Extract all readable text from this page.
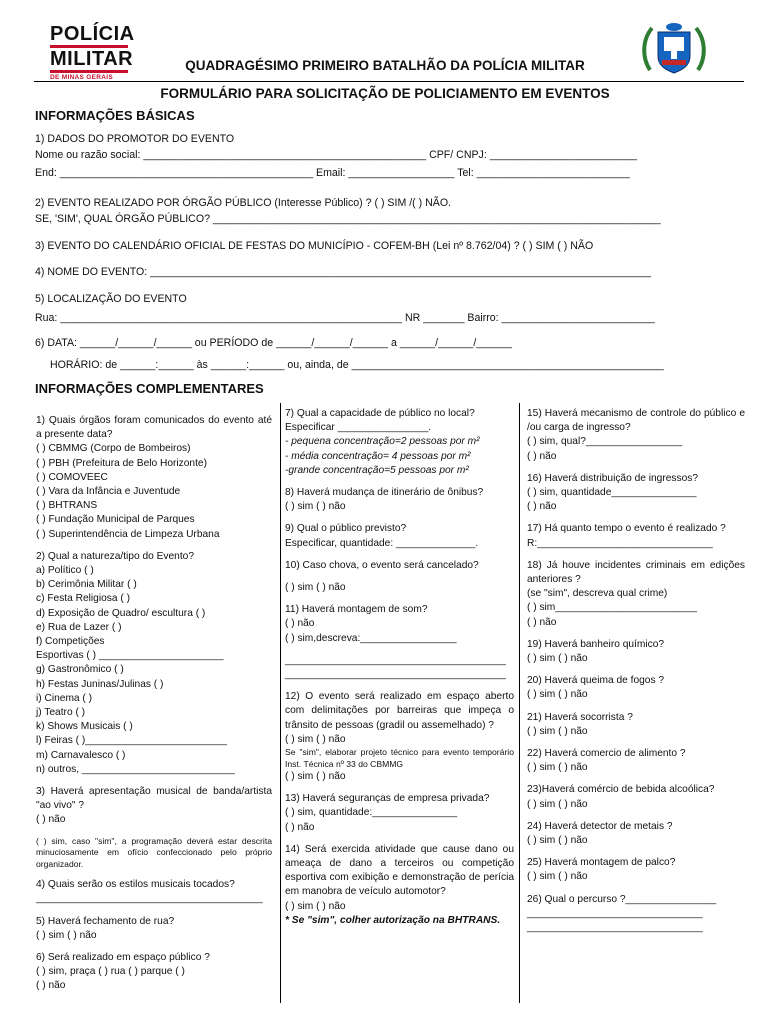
POLÍCIA
MILITAR
DE MINAS GERAIS
QUADRAGÉSIMO PRIMEIRO BATALHÃO DA POLÍCIA MILITAR
FORMULÁRIO PARA SOLICITAÇÃO DE POLICIAMENTO EM EVENTOS
INFORMAÇÕES BÁSICAS
1) DADOS DO PROMOTOR DO EVENTO
Nome ou razão social: ________________________________________________ CPF/ CNPJ: _________________________
End: ___________________________________________ Email: __________________ Tel: __________________________
2) EVENTO REALIZADO POR ÓRGÃO PÚBLICO (Interesse Público) ? ( ) SIM /( ) NÃO.
SE, 'SIM', QUAL ÓRGÃO PÚBLICO? ____________________________________________________________________________
3) EVENTO DO CALENDÁRIO OFICIAL DE FESTAS DO MUNICÍPIO - COFEM-BH (Lei nº 8.762/04) ? ( ) SIM ( ) NÃO
4) NOME DO EVENTO: _____________________________________________________________________________________
5) LOCALIZAÇÃO DO EVENTO
Rua: __________________________________________________________ NR _______ Bairro: __________________________
6) DATA: ______/______/______ ou PERÍODO de ______/______/______ a ______/______/______
HORÁRIO: de ______:______ às ______:______ ou, ainda, de _____________________________________________________
INFORMAÇÕES COMPLEMENTARES
1) Quais órgãos foram comunicados do evento até a presente data?
( ) CBMMG (Corpo de Bombeiros)
( ) PBH (Prefeitura de Belo Horizonte)
( ) COMOVEEC
( ) Vara da Infância e Juventude
( ) BHTRANS
( ) Fundação Municipal de Parques
( ) Superintendência de Limpeza Urbana
2) Qual a natureza/tipo do Evento?
a) Político ( )
b) Cerimônia Militar ( )
c) Festa Religiosa ( )
d) Exposição de Quadro/ escultura ( )
e) Rua de Lazer ( )
f) Competições
Esportivas ( ) ______________________
g) Gastronômico ( )
h) Festas Juninas/Julinas ( )
i) Cinema ( )
j) Teatro ( )
k) Shows Musicais ( )
l) Feiras ( )_________________________
m) Carnavalesco ( )
n) outros, ___________________________
3) Haverá apresentação musical de banda/artista "ao vivo" ?
( ) não
( ) sim, caso "sim", a programação deverá estar descrita minuciosamente em ofício confeccionado pelo próprio organizador.
4) Quais serão os estilos musicais tocados?
________________________________________
5) Haverá fechamento de rua?
( ) sim ( ) não
6) Será realizado em espaço público ?
( ) sim, praça ( ) rua ( ) parque ( )
( ) não
7) Qual a capacidade de público no local?
Especificar ________________.
- pequena concentração=2 pessoas por m²
- média concentração= 4 pessoas por m²
-grande concentração=5 pessoas por m²
8) Haverá mudança de itinerário de ônibus?
( ) sim ( ) não
9) Qual o público previsto?
Especificar, quantidade: ______________.
10) Caso chova, o evento será cancelado?
( ) sim ( ) não
11) Haverá montagem de som?
( ) não
( ) sim,descreva:_________________
_______________________________________
_______________________________________
12) O evento será realizado em espaço aberto com delimitações por barreiras que impeça o trânsito de pessoas (gradil ou assemelhado) ?
( ) sim ( ) não
Se "sim", elaborar projeto técnico para evento temporário Inst. Técnica nº 33 do CBMMG
( ) sim ( ) não
13) Haverá seguranças de empresa privada?
( ) sim, quantidade:_______________
( ) não
14) Será exercida atividade que cause dano ou ameaça de dano a terceiros ou competição esportiva com exibição e demonstração de perícia em manobra de veículo automotor?
( ) sim ( ) não
* Se "sim", colher autorização na BHTRANS.
15) Haverá mecanismo de controle do público e /ou carga de ingresso?
( ) sim, qual?_________________
( ) não
16) Haverá distribuição de ingressos?
( ) sim, quantidade_______________
( ) não
17) Há quanto tempo o evento é realizado ?
R:_______________________________
18) Já houve incidentes criminais em edições anteriores ?
(se "sim", descreva qual crime)
( ) sim_________________________
( ) não
19) Haverá banheiro químico?
( ) sim ( ) não
20) Haverá queima de fogos ?
( ) sim ( ) não
21) Haverá socorrista ?
( ) sim ( ) não
22) Haverá comercio de alimento ?
( ) sim ( ) não
23)Haverá comércio de bebida alcoólica?
( ) sim ( ) não
24) Haverá detector de metais ?
( ) sim ( ) não
25) Haverá montagem de palco?
( ) sim ( ) não
26) Qual o percurso ?________________
_______________________________
_______________________________
